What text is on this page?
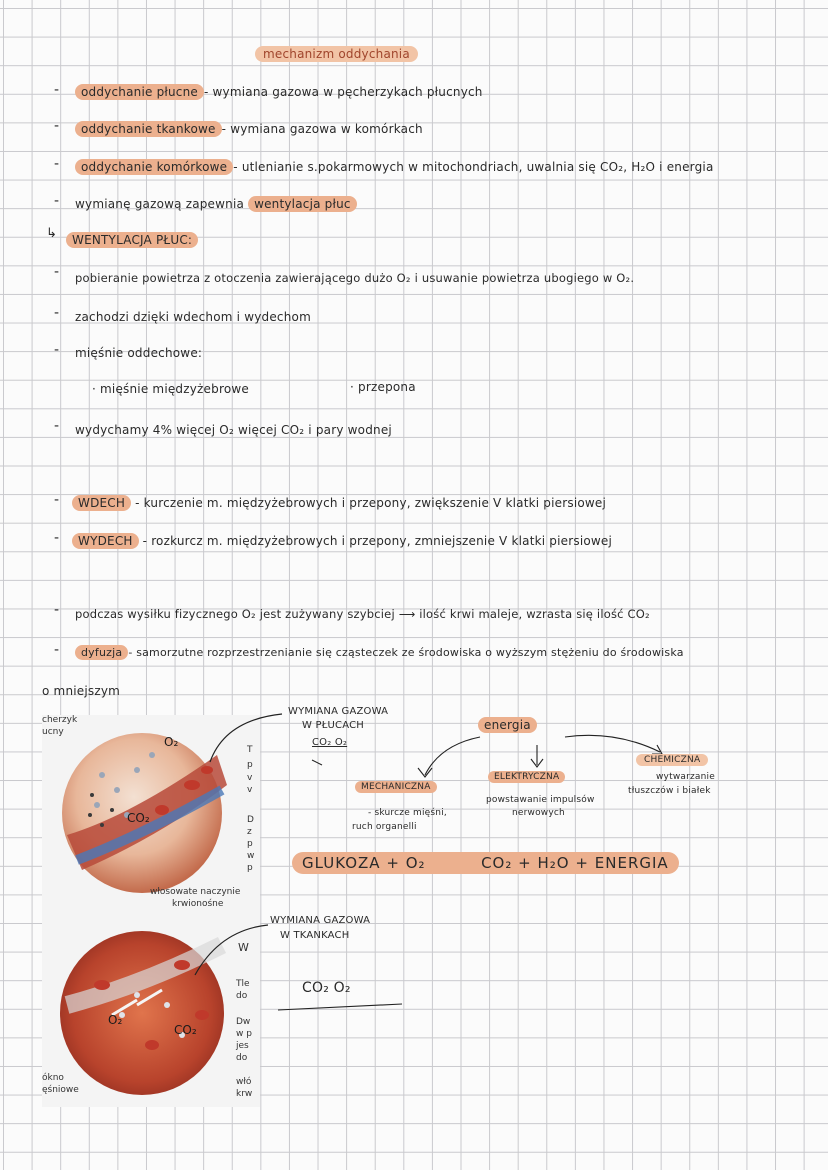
mechanizm oddychania
-	oddychanie płucne - wymiana gazowa w pęcherzykach płucnych
-	oddychanie tkankowe - wymiana gazowa w komórkach
-	oddychanie komórkowe - utlenianie s.pokarmowych w mitochondriach, uwalnia się CO₂, H₂O i energia
- wymianę gazową zapewnia wentylacja płuc
↳	WENTYLACJA PŁUC:
- pobieranie powietrza z otoczenia zawierającego dużo O₂ i usuwanie powietrza ubogiego w O₂.
- zachodzi dzięki wdechom i wydechom
- mięśnie oddechowe:
· mięśnie międzyżebrowe	· przepona
- wydychamy 4% więcej O₂ więcej CO₂ i pary wodnej
-	WDECH - kurczenie m. międzyżebrowych i przepony, zwiększenie V klatki piersiowej
-	WYDECH - rozkurcz m. międzyżebrowych i przepony, zmniejszenie V klatki piersiowej
- podczas wysiłku fizycznego O₂ jest zużywany szybciej ⟶ ilość krwi maleje, wzrasta się ilość CO₂
-	dyfuzja - samorzutne rozprzestrzenianie się cząsteczek ze środowiska o wyższym stężeniu do środowiska
o mniejszym
cherzyk
ucny
O₂
CO₂
włosowate naczynie
krwionośne
O₂
CO₂
ókno
ęśniowe
T
p
v
v
D
z
p
w
p
W
Tle
do
Dw
w p
jes
do
włó
krw
WYMIANA GAZOWA
W PŁUCACH
CO₂ O₂
energia
MECHANICZNA
- skurcze mięśni,
ruch organelli
ELEKTRYCZNA
powstawanie impulsów
nerwowych
CHEMICZNA
wytwarzanie
tłuszczów i białek
GLUKOZA + O₂	CO₂ + H₂O + ENERGIA
WYMIANA GAZOWA
W TKANKACH
CO₂ O₂
